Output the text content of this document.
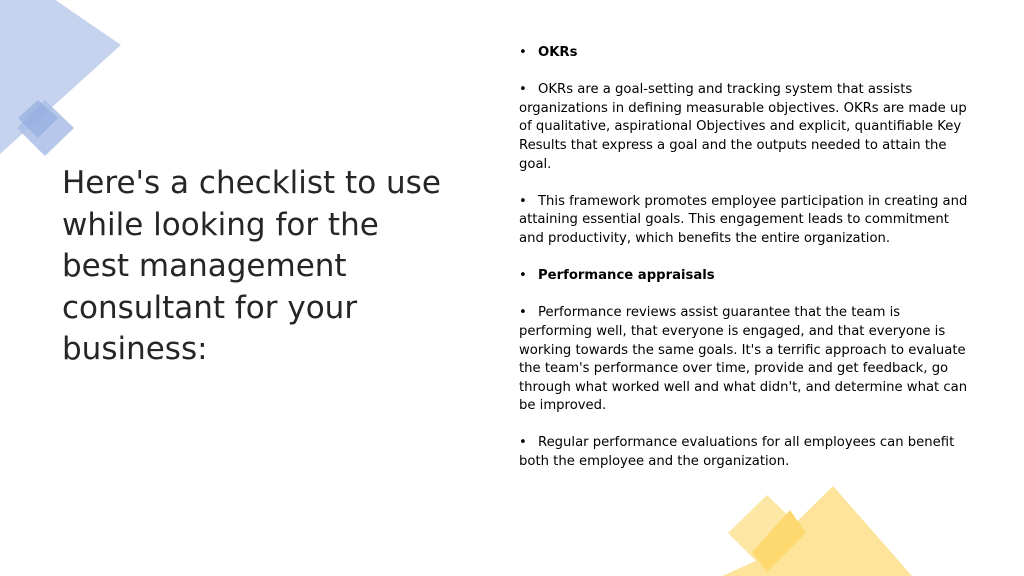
Here's a checklist to use while looking for the best management consultant for your business:

• OKRs

• OKRs are a goal-setting and tracking system that assists organizations in defining measurable objectives. OKRs are made up of qualitative, aspirational Objectives and explicit, quantifiable Key Results that express a goal and the outputs needed to attain the goal.

• This framework promotes employee participation in creating and attaining essential goals. This engagement leads to commitment and productivity, which benefits the entire organization.

• Performance appraisals

• Performance reviews assist guarantee that the team is performing well, that everyone is engaged, and that everyone is working towards the same goals. It's a terrific approach to evaluate the team's performance over time, provide and get feedback, go through what worked well and what didn't, and determine what can be improved.

• Regular performance evaluations for all employees can benefit both the employee and the organization.
